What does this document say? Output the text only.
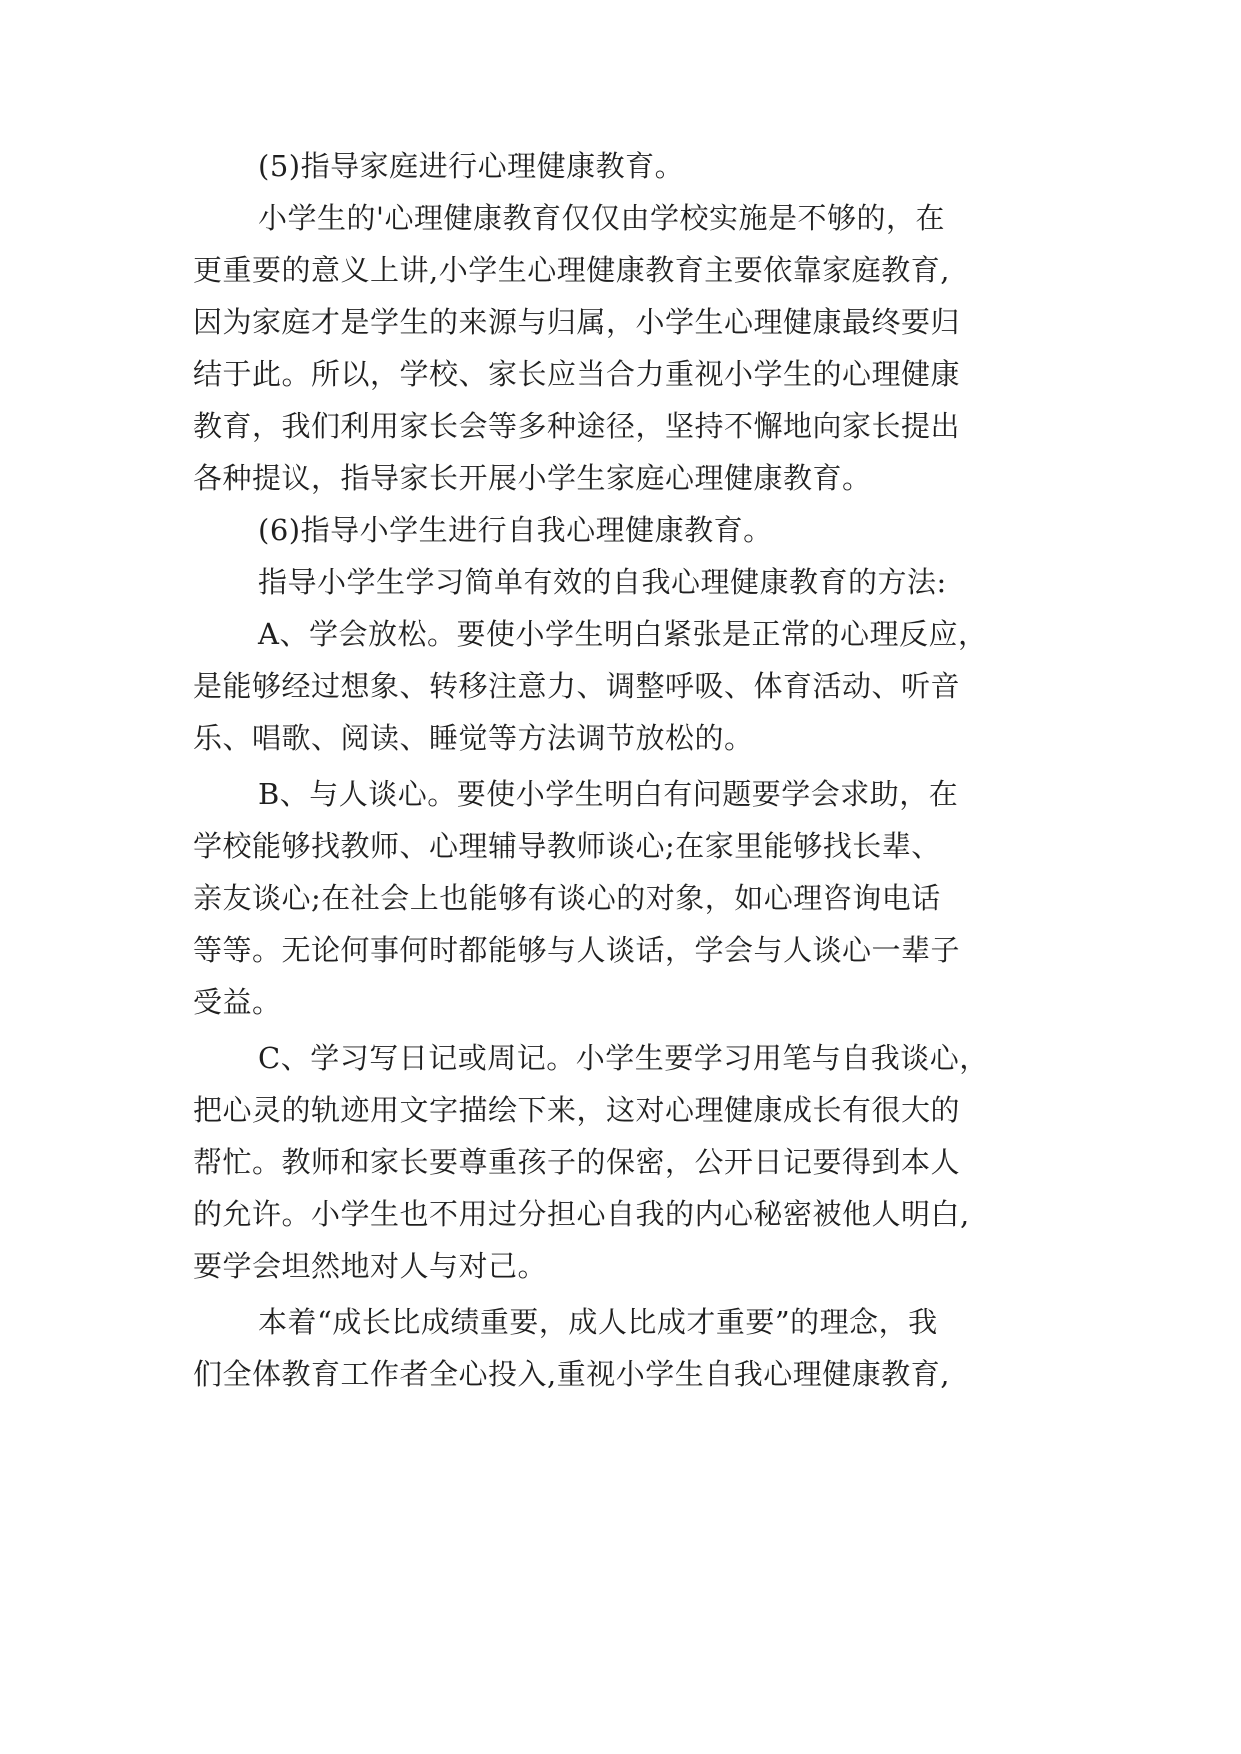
(5)指导家庭进行心理健康教育。
小学生的'心理健康教育仅仅由学校实施是不够的，在
更重要的意义上讲,小学生心理健康教育主要依靠家庭教育,
因为家庭才是学生的来源与归属，小学生心理健康最终要归
结于此。所以，学校、家长应当合力重视小学生的心理健康
教育，我们利用家长会等多种途径，坚持不懈地向家长提出
各种提议，指导家长开展小学生家庭心理健康教育。
(6)指导小学生进行自我心理健康教育。
指导小学生学习简单有效的自我心理健康教育的方法:
A、学会放松。要使小学生明白紧张是正常的心理反应，
是能够经过想象、转移注意力、调整呼吸、体育活动、听音
乐、唱歌、阅读、睡觉等方法调节放松的。
B、与人谈心。要使小学生明白有问题要学会求助，在
学校能够找教师、心理辅导教师谈心;在家里能够找长辈、
亲友谈心;在社会上也能够有谈心的对象，如心理咨询电话
等等。无论何事何时都能够与人谈话，学会与人谈心一辈子
受益。
C、学习写日记或周记。小学生要学习用笔与自我谈心，
把心灵的轨迹用文字描绘下来，这对心理健康成长有很大的
帮忙。教师和家长要尊重孩子的保密，公开日记要得到本人
的允许。小学生也不用过分担心自我的内心秘密被他人明白,
要学会坦然地对人与对己。
本着“成长比成绩重要，成人比成才重要”的理念，我
们全体教育工作者全心投入,重视小学生自我心理健康教育,
